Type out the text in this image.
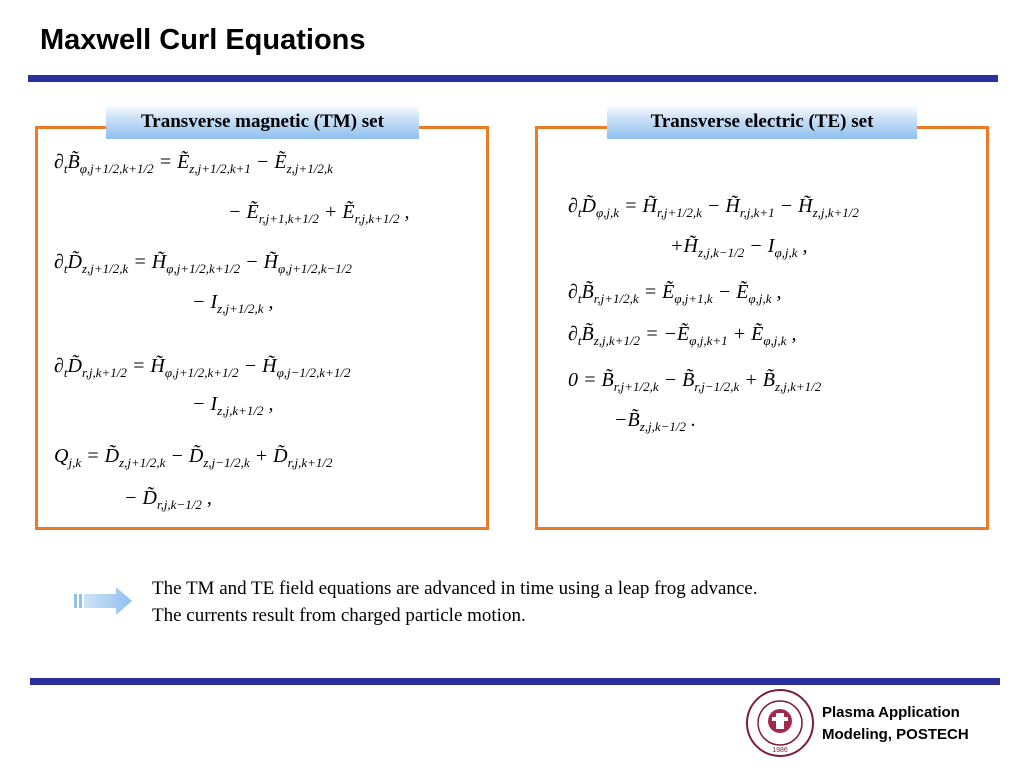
Maxwell Curl Equations
$\partial_tB̃_{\varphi,j+1/2,k+1/2}$ = Ẽ$_{z,j+1/2,k+1}$ − Ẽ$_{z,j+1/2,k}$
− Ẽ$_{r,j+1,k+1/2}$ + Ẽ$_{r,j,k+1/2}$ ,
$\partial_tD̃_{z,j+1/2,k}$ = $H̃_{\varphi,j+1/2,k+1/2}$ − $H̃_{\varphi,j+1/2,k-1/2}$
− $I_{z,j+1/2,k}$ ,
$\partial_tD̃_{r,j,k+1/2}$ = $H̃_{\varphi,j+1/2,k+1/2}$ − $H̃_{\varphi,j-1/2,k+1/2}$
− $I_{z,j,k+1/2}$ ,
$Q_{j,k}$ = $D̃_{z,j+1/2,k}$ − $D̃_{z,j-1/2,k}$ + $D̃_{r,j,k+1/2}$
− $D̃_{r,j,k-1/2}$ ,
Transverse magnetic (TM) set
$\partial_tD̃_{\varphi,j,k}$ = $H̃_{r,j+1/2,k}$ − $H̃_{r,j,k+1}$ − $H̃_{z,j,k+1/2}$
$+H̃_{z,j,k-1/2} - I_{\varphi,j,k}$ ,
$\partial_tB̃_{r,j+1/2,k}$ = Ẽ$_{\varphi,j+1,k}$ − Ẽ$_{\varphi,j,k}$ ,
$\partial_tB̃_{z,j,k+1/2}$ = −Ẽ$_{\varphi,j,k+1}$ + Ẽ$_{\varphi,j,k}$ ,
$0 = B̃_{r,j+1/2,k}$ − $B̃_{r,j-1/2,k}$ + $B̃_{z,j,k+1/2}$
$-B̃_{z,j,k-1/2}$ .
Transverse electric (TE) set
The TM and TE field equations are advanced in time using a leap frog advance.
The currents result from charged particle motion.
1986
Plasma Application
Modeling, POSTECH
